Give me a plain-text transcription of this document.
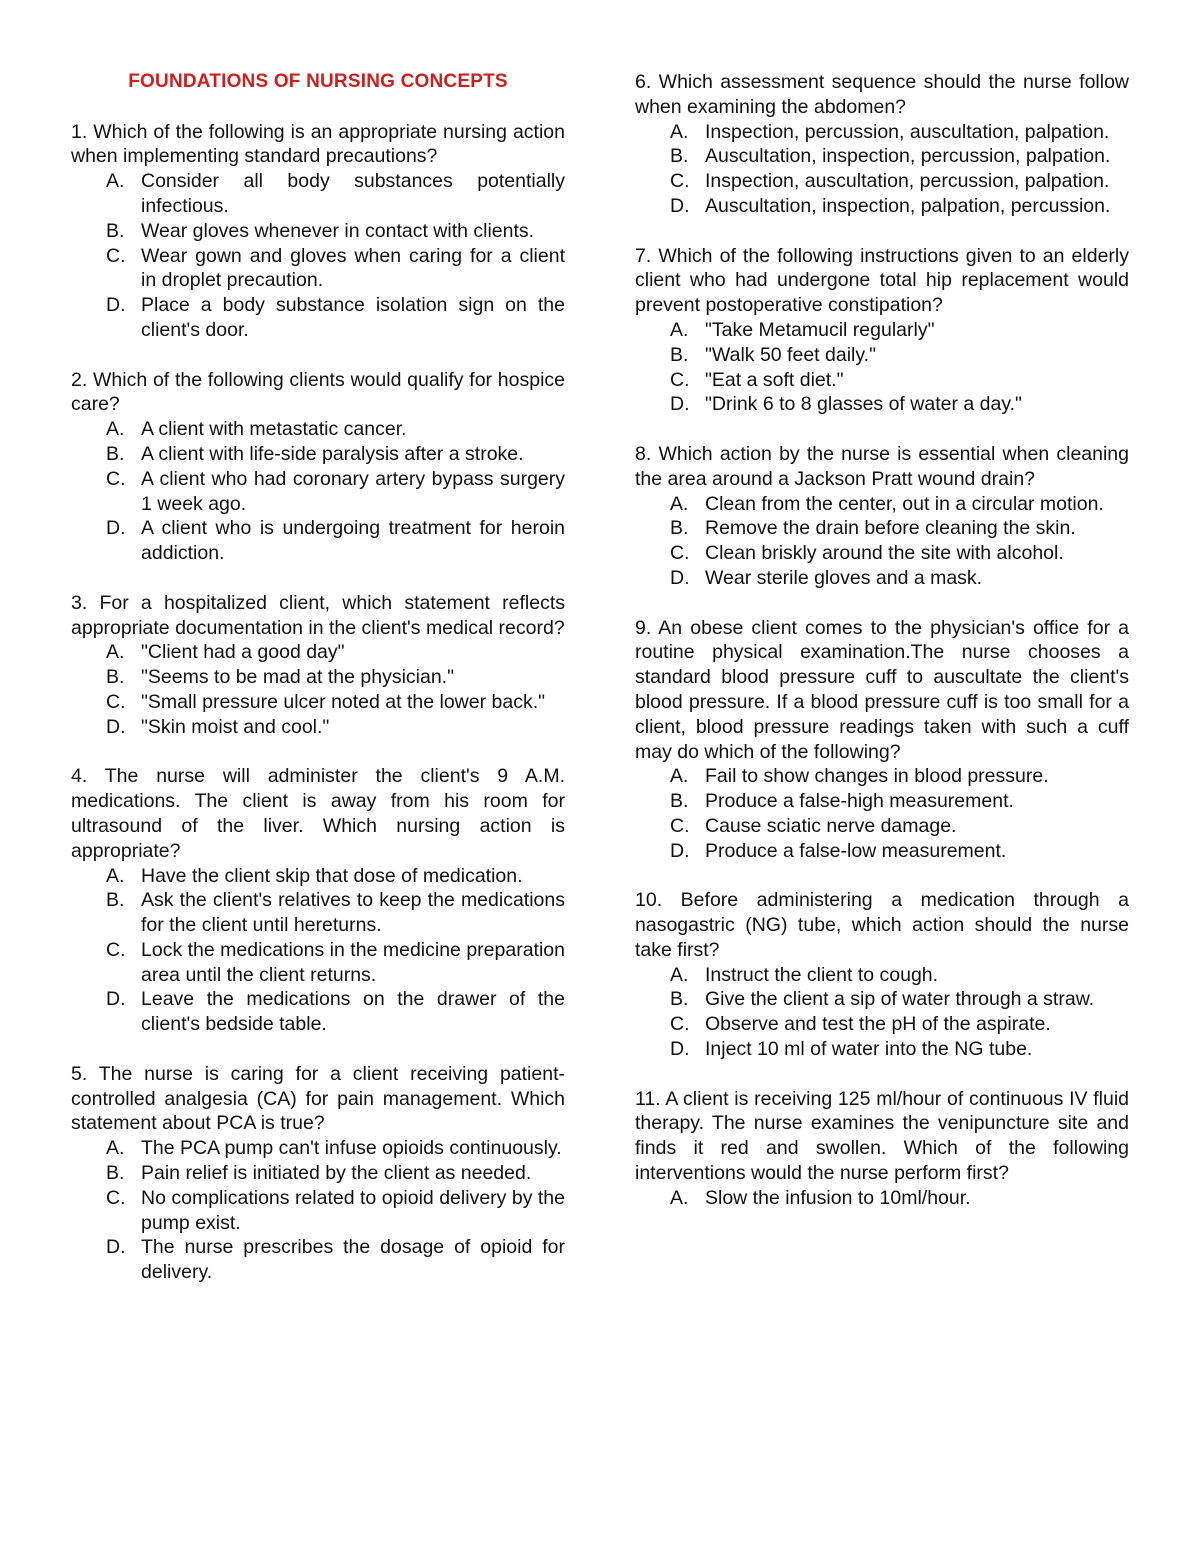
FOUNDATIONS OF NURSING CONCEPTS
1. Which of the following is an appropriate nursing action when implementing standard precautions?
A. Consider all body substances potentially infectious.
B. Wear gloves whenever in contact with clients.
C. Wear gown and gloves when caring for a client in droplet precaution.
D. Place a body substance isolation sign on the client's door.
2. Which of the following clients would qualify for hospice care?
A. A client with metastatic cancer.
B. A client with life-side paralysis after a stroke.
C. A client who had coronary artery bypass surgery 1 week ago.
D. A client who is undergoing treatment for heroin addiction.
3. For a hospitalized client, which statement reflects appropriate documentation in the client's medical record?
A. "Client had a good day"
B. "Seems to be mad at the physician."
C. "Small pressure ulcer noted at the lower back."
D. "Skin moist and cool."
4. The nurse will administer the client's 9 A.M. medications. The client is away from his room for ultrasound of the liver. Which nursing action is appropriate?
A. Have the client skip that dose of medication.
B. Ask the client's relatives to keep the medications for the client until hereturns.
C. Lock the medications in the medicine preparation area until the client returns.
D. Leave the medications on the drawer of the client's bedside table.
5. The nurse is caring for a client receiving patient-controlled analgesia (CA) for pain management. Which statement about PCA is true?
A. The PCA pump can't infuse opioids continuously.
B. Pain relief is initiated by the client as needed.
C. No complications related to opioid delivery by the pump exist.
D. The nurse prescribes the dosage of opioid for delivery.
6. Which assessment sequence should the nurse follow when examining the abdomen?
A. Inspection, percussion, auscultation, palpation.
B. Auscultation, inspection, percussion, palpation.
C. Inspection, auscultation, percussion, palpation.
D. Auscultation, inspection, palpation, percussion.
7. Which of the following instructions given to an elderly client who had undergone total hip replacement would prevent postoperative constipation?
A. "Take Metamucil regularly"
B. "Walk 50 feet daily."
C. "Eat a soft diet."
D. "Drink 6 to 8 glasses of water a day."
8. Which action by the nurse is essential when cleaning the area around a Jackson Pratt wound drain?
A. Clean from the center, out in a circular motion.
B. Remove the drain before cleaning the skin.
C. Clean briskly around the site with alcohol.
D. Wear sterile gloves and a mask.
9. An obese client comes to the physician's office for a routine physical examination.The nurse chooses a standard blood pressure cuff to auscultate the client's blood pressure. If a blood pressure cuff is too small for a client, blood pressure readings taken with such a cuff may do which of the following?
A. Fail to show changes in blood pressure.
B. Produce a false-high measurement.
C. Cause sciatic nerve damage.
D. Produce a false-low measurement.
10. Before administering a medication through a nasogastric (NG) tube, which action should the nurse take first?
A. Instruct the client to cough.
B. Give the client a sip of water through a straw.
C. Observe and test the pH of the aspirate.
D. Inject 10 ml of water into the NG tube.
11. A client is receiving 125 ml/hour of continuous IV fluid therapy. The nurse examines the venipuncture site and finds it red and swollen. Which of the following interventions would the nurse perform first?
A. Slow the infusion to 10ml/hour.
